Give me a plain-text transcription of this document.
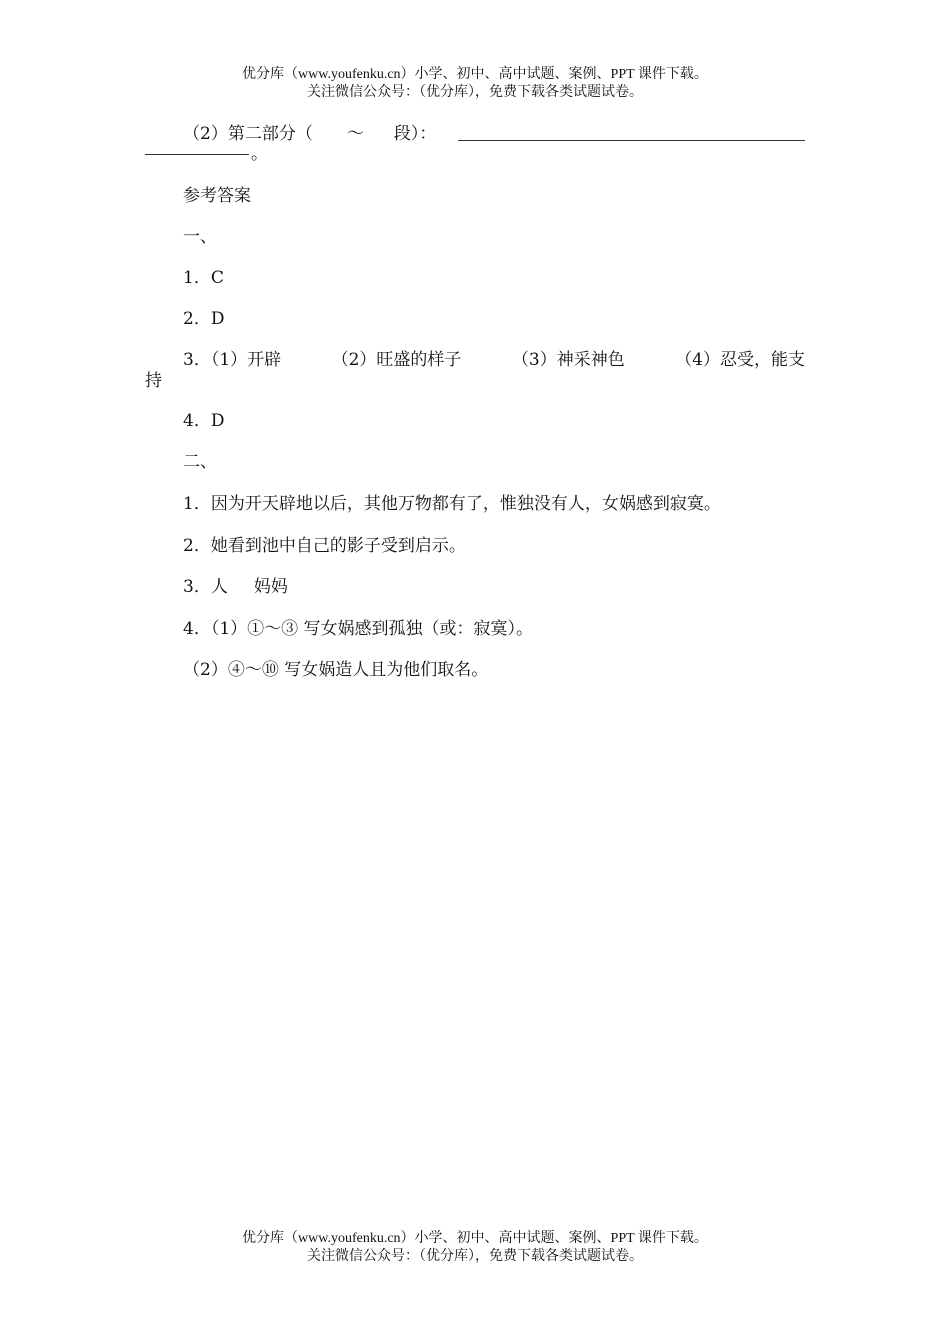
优分库（www.youfenku.cn）小学、初中、高中试题、案例、PPT 课件下载。
关注微信公众号：（优分库），免费下载各类试题试卷。
（2）第二部分（ ～ 段）：
。
参考答案
一、
1．C
2．D
3．（1）开辟	（2）旺盛的样子	（3）神采神色	（4）忍受，能支
持
4．D
二、
1．因为开天辟地以后，其他万物都有了，惟独没有人，女娲感到寂寞。
2．她看到池中自己的影子受到启示。
3．人 妈妈
4．（1）①～③ 写女娲感到孤独（或：寂寞）。
（2）④～⑩ 写女娲造人且为他们取名。
优分库（www.youfenku.cn）小学、初中、高中试题、案例、PPT 课件下载。
关注微信公众号：（优分库），免费下载各类试题试卷。
